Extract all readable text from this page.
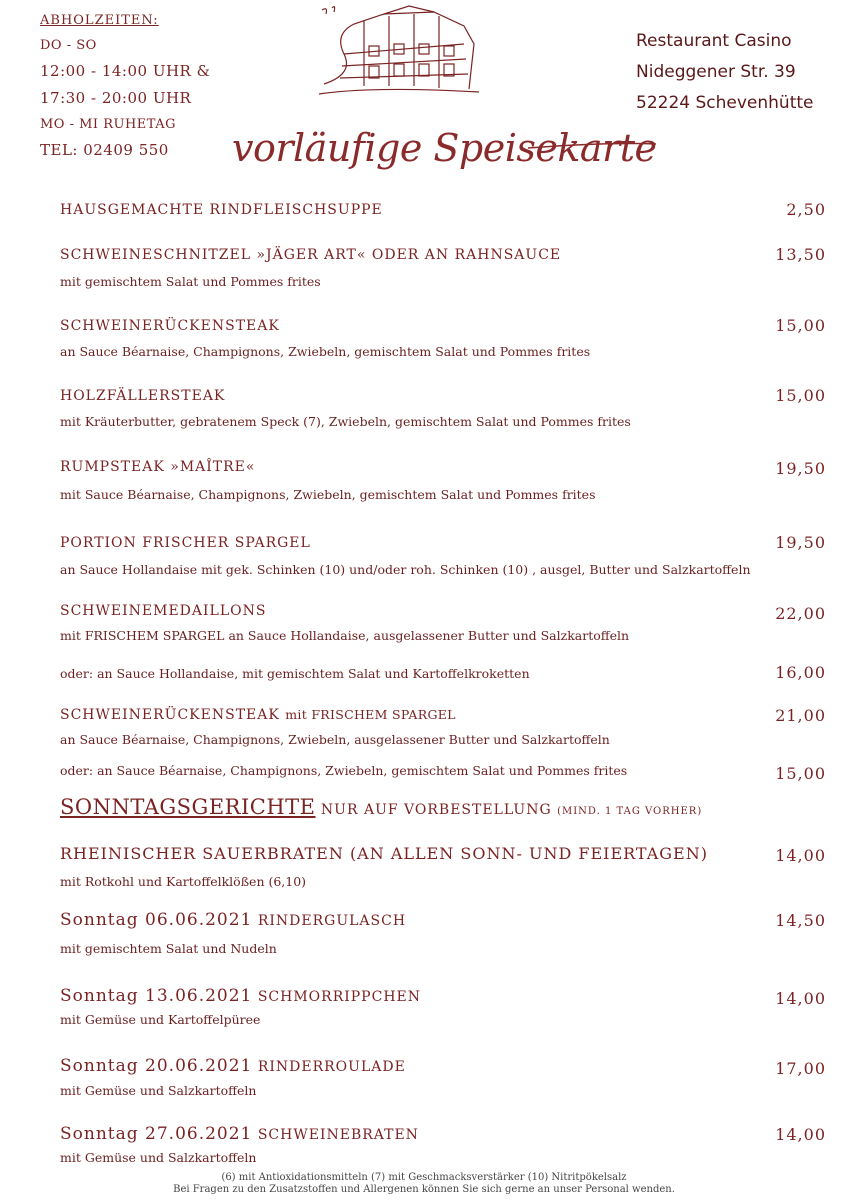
ABHOLZEITEN:
DO - SO
12:00 - 14:00 UHR &
17:30 - 20:00 UHR
MO - MI RUHETAG
TEL: 02409 550
Restaurant Casino
Nideggener Str. 39
52224 Schevenhütte
vorläufige Speisekarte
HAUSGEMACHTE RINDFLEISCHSUPPE	2,50
SCHWEINESCHNITZEL »JÄGER ART« ODER AN RAHNSAUCE	13,50
mit gemischtem Salat und Pommes frites
SCHWEINERÜCKENSTEAK	15,00
an Sauce Béarnaise, Champignons, Zwiebeln, gemischtem Salat und Pommes frites
HOLZFÄLLERSTEAK	15,00
mit Kräuterbutter, gebratenem Speck (7), Zwiebeln, gemischtem Salat und Pommes frites
RUMPSTEAK »MAÎTRE«	19,50
mit Sauce Béarnaise, Champignons, Zwiebeln, gemischtem Salat und Pommes frites
PORTION FRISCHER SPARGEL	19,50
an Sauce Hollandaise mit gek. Schinken (10) und/oder roh. Schinken (10) , ausgel, Butter und Salzkartoffeln
SCHWEINEMEDAILLONS	22,00
mit FRISCHEM SPARGEL an Sauce Hollandaise, ausgelassener Butter und Salzkartoffeln
oder: an Sauce Hollandaise, mit gemischtem Salat und Kartoffelkroketten	16,00
SCHWEINERÜCKENSTEAK mit FRISCHEM SPARGEL	21,00
an Sauce Béarnaise, Champignons, Zwiebeln, ausgelassener Butter und Salzkartoffeln
oder: an Sauce Béarnaise, Champignons, Zwiebeln, gemischtem Salat und Pommes frites	15,00
SONNTAGSGERICHTE NUR AUF VORBESTELLUNG (MIND. 1 TAG VORHER)
RHEINISCHER SAUERBRATEN (AN ALLEN SONN- UND FEIERTAGEN)	14,00
mit Rotkohl und Kartoffelklößen (6,10)
Sonntag 06.06.2021 RINDERGULASCH	14,50
mit gemischtem Salat und Nudeln
Sonntag 13.06.2021 SCHMORRIPPCHEN	14,00
mit Gemüse und Kartoffelpüree
Sonntag 20.06.2021 RINDERROULADE	17,00
mit Gemüse und Salzkartoffeln
Sonntag 27.06.2021 SCHWEINEBRATEN	14,00
mit Gemüse und Salzkartoffeln
(6) mit Antioxidationsmitteln (7) mit Geschmacksverstärker (10) Nitritpökelsalz
Bei Fragen zu den Zusatzstoffen und Allergenen können Sie sich gerne an unser Personal wenden.
